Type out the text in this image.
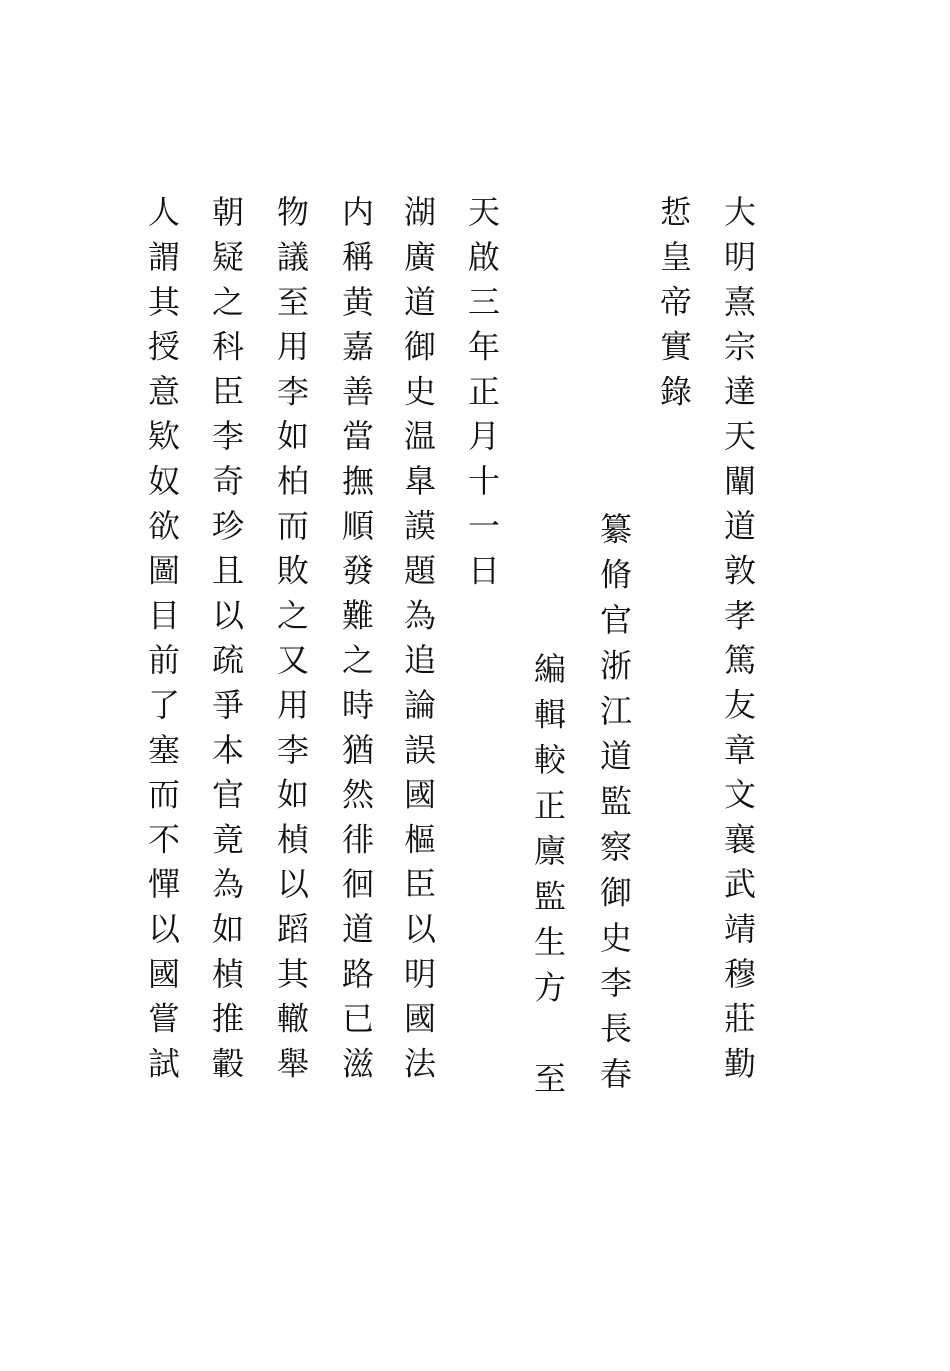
大明熹宗達天闡道敦孝篤友章文襄武靖穆莊勤
悊皇帝實錄
纂脩官浙江道監察御史李長春
編輯較正廪監生方　至
天啟三年正月十一日
湖廣道御史温臯謨題為追論誤國樞臣以明國法
内稱黄嘉善當撫順發難之時猶然徘徊道路已滋
物議至用李如柏而敗之又用李如楨以蹈其轍舉
朝疑之科臣李奇珍且以疏爭本官竟為如楨推轂
人謂其授意欵奴欲圖目前了塞而不憚以國嘗試
